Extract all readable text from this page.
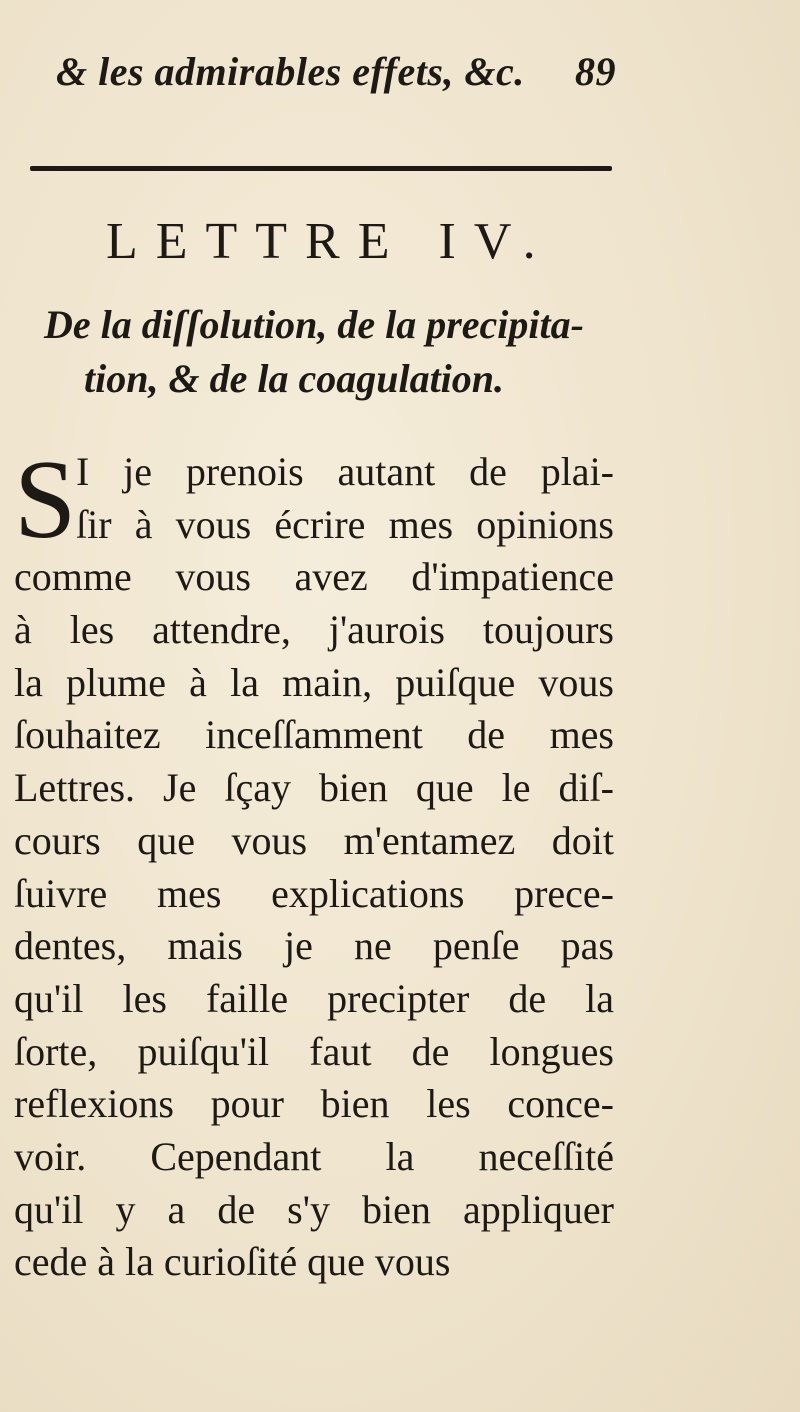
& les admirables effets, &c. 89
LETTRE IV.
De la diſſolution, de la precipita-
tion, & de la coagulation.
S I je prenois autant de plai-
ſir à vous écrire mes opinions
comme vous avez d'impatience
à les attendre, j'aurois toujours
la plume à la main, puiſque vous
ſouhaitez inceſſamment de mes
Lettres. Je ſçay bien que le diſ-
cours que vous m'entamez doit
ſuivre mes explications prece-
dentes, mais je ne penſe pas
qu'il les faille precipter de la
ſorte, puiſqu'il faut de longues
reflexions pour bien les conce-
voir. Cependant la neceſſité
qu'il y a de s'y bien appliquer
cede à la curioſité que vous
